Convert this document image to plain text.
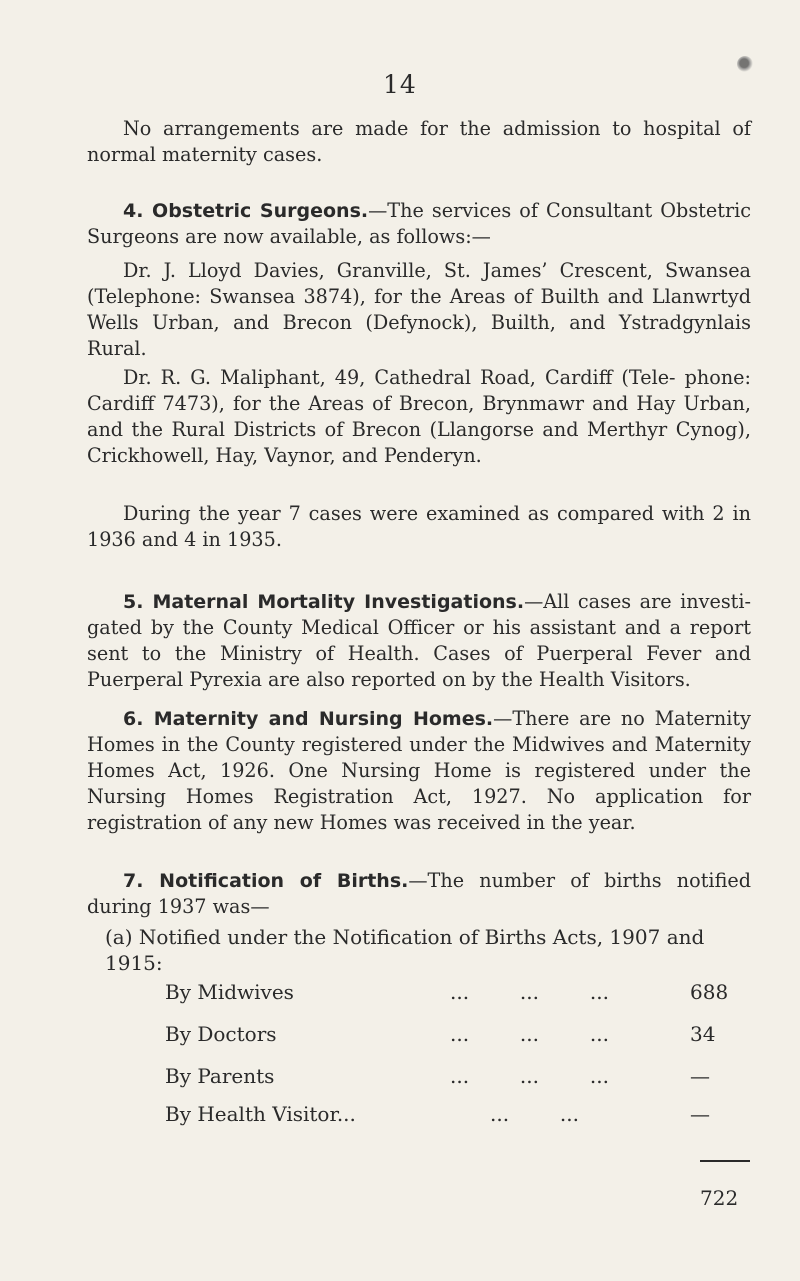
14

No arrangements are made for the admission to hospital of normal maternity cases.

4. Obstetric Surgeons.—The services of Consultant Obstetric Surgeons are now available, as follows:—

Dr. J. Lloyd Davies, Granville, St. James’ Crescent, Swansea (Telephone: Swansea 3874), for the Areas of Builth and Llanwrtyd Wells Urban, and Brecon (Defynock), Builth, and Ystradgynlais Rural.

Dr. R. G. Maliphant, 49, Cathedral Road, Cardiff (Tele- phone: Cardiff 7473), for the Areas of Brecon, Brynmawr and Hay Urban, and the Rural Districts of Brecon (Llangorse and Merthyr Cynog), Crickhowell, Hay, Vaynor, and Penderyn.

During the year 7 cases were examined as compared with 2 in 1936 and 4 in 1935.

5. Maternal Mortality Investigations.—All cases are investi- gated by the County Medical Officer or his assistant and a report sent to the Ministry of Health. Cases of Puerperal Fever and Puerperal Pyrexia are also reported on by the Health Visitors.

6. Maternity and Nursing Homes.—There are no Maternity Homes in the County registered under the Midwives and Maternity Homes Act, 1926. One Nursing Home is registered under the Nursing Homes Registration Act, 1927. No application for registration of any new Homes was received in the year.

7. Notification of Births.—The number of births notified during 1937 was—

(a) Notified under the Notification of Births Acts, 1907 and 1915:

By Midwives	...        ...        ...	688
By Doctors	...        ...        ...	34
By Parents	...        ...        ...	—
By Health Visitor...	...        ...	—
722
